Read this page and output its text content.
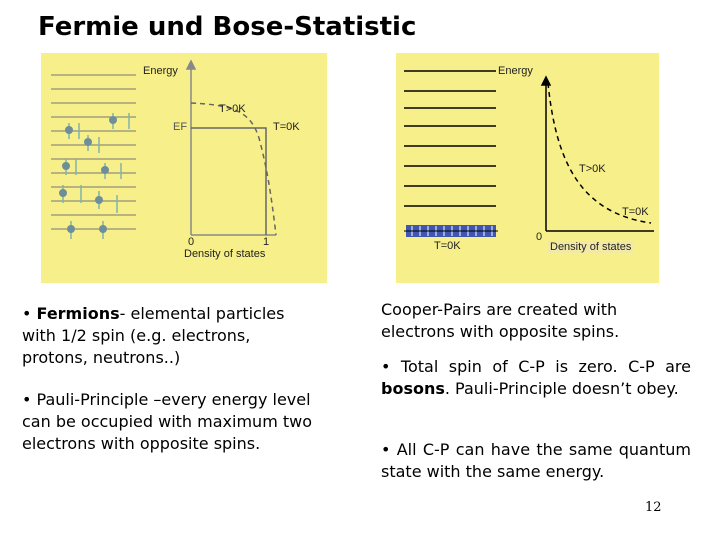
Fermie und Bose-Statistic
Energy
EF
T>0K
T=0K
0	1
Density of states
Energy
T>0K
T=0K
0
T=0K	Density of states
• Fermions- elemental particles with 1/2 spin (e.g. electrons, protons, neutrons..)
• Pauli-Principle –every energy level can be occupied with maximum two electrons with opposite spins.
Cooper-Pairs are created with electrons with opposite spins.
• Total spin of C-P is zero. C-P are bosons. Pauli-Principle doesn’t obey.
• All C-P can have the same quantum state with the same energy.
12
